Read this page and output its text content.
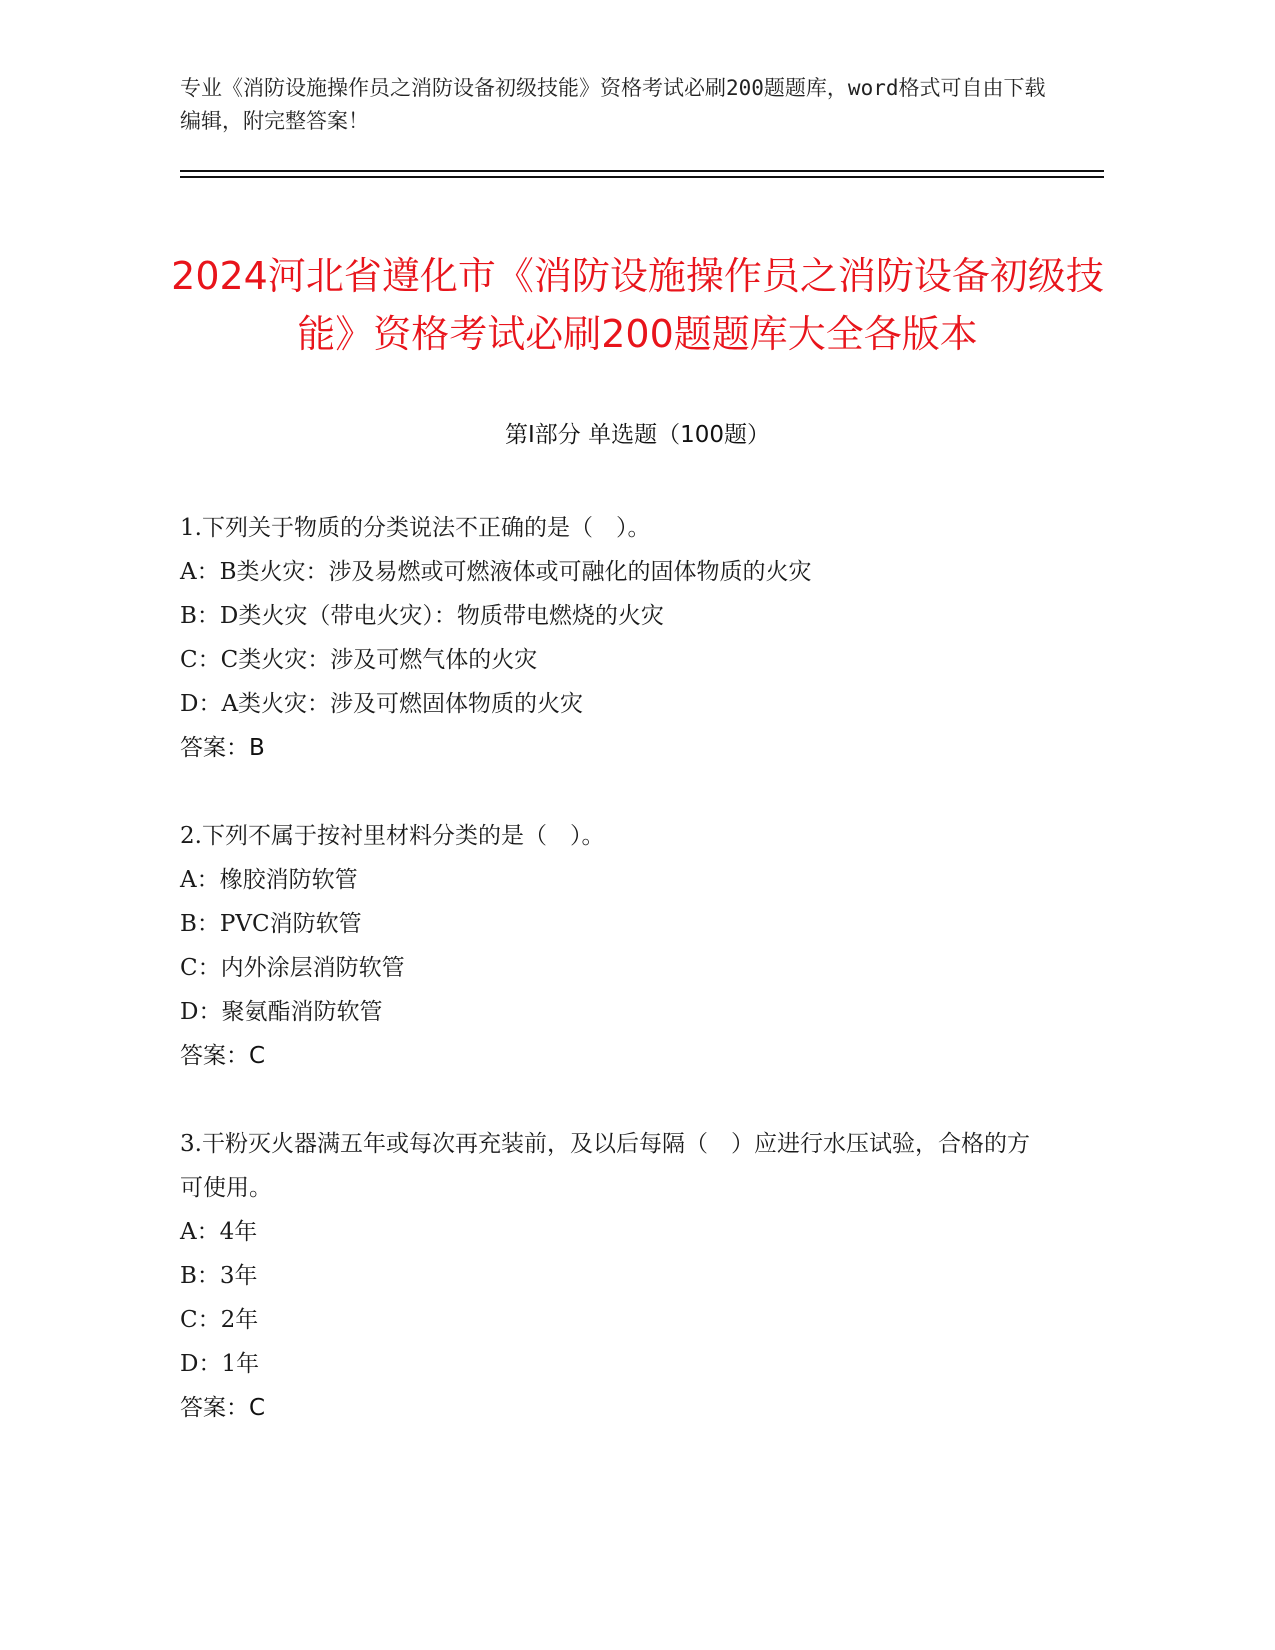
专业《消防设施操作员之消防设备初级技能》资格考试必刷200题题库，word格式可自由下载编辑，附完整答案！
2024河北省遵化市《消防设施操作员之消防设备初级技能》资格考试必刷200题题库大全各版本
第Ⅰ部分 单选题（100题）
1.下列关于物质的分类说法不正确的是（　）。
A：B类火灾：涉及易燃或可燃液体或可融化的固体物质的火灾
B：D类火灾（带电火灾）：物质带电燃烧的火灾
C：C类火灾：涉及可燃气体的火灾
D：A类火灾：涉及可燃固体物质的火灾
答案：B
2.下列不属于按衬里材料分类的是（　）。
A：橡胶消防软管
B：PVC消防软管
C：内外涂层消防软管
D：聚氨酯消防软管
答案：C
3.干粉灭火器满五年或每次再充装前，及以后每隔（　）应进行水压试验，合格的方可使用。
A：4年
B：3年
C：2年
D：1年
答案：C
